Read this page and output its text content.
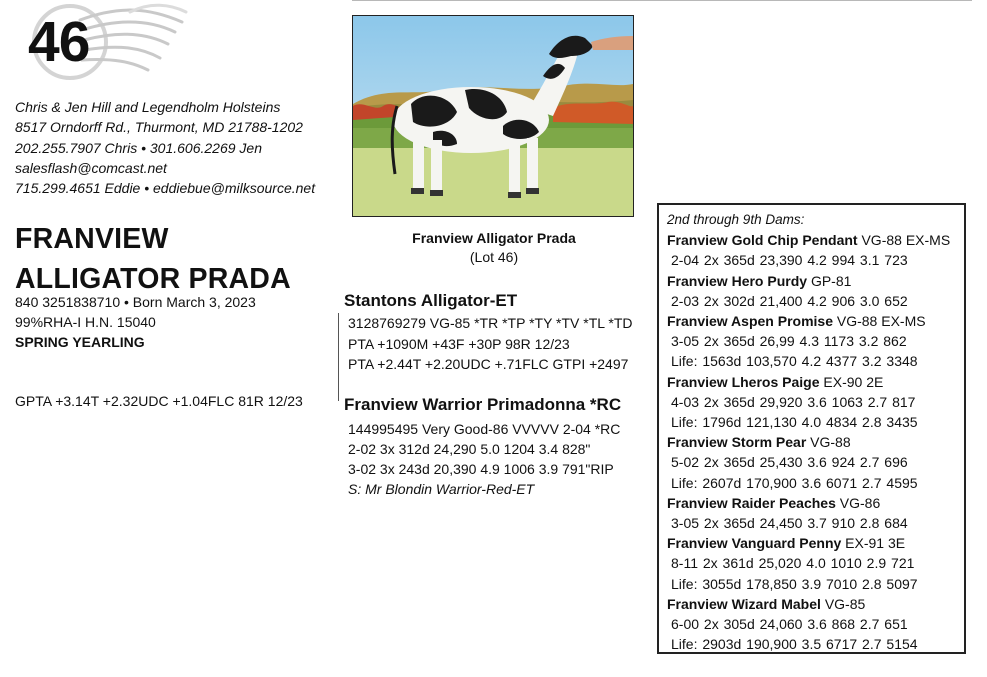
46
Chris & Jen Hill and Legendholm Holsteins
8517 Orndorff Rd., Thurmont, MD 21788-1202
202.255.7907 Chris • 301.606.2269 Jen
salesflash@comcast.net
715.299.4651 Eddie • eddiebue@milksource.net
FRANVIEW
ALLIGATOR PRADA
840 3251838710 • Born March 3, 2023
99%RHA-I H.N. 15040
SPRING YEARLING
GPTA +3.14T +2.32UDC +1.04FLC 81R 12/23
Franview Alligator Prada
(Lot 46)
Stantons Alligator-ET
3128769279 VG-85 *TR *TP *TY *TV *TL *TD
PTA +1090M +43F +30P 98R 12/23
PTA +2.44T +2.20UDC +.71FLC GTPI +2497
Franview Warrior Primadonna *RC
144995495 Very Good-86 VVVVV 2-04 *RC
2-02 3x 312d 24,290 5.0 1204 3.4 828"
3-02 3x 243d 20,390 4.9 1006 3.9 791"RIP
S: Mr Blondin Warrior-Red-ET
2nd through 9th Dams:
Franview Gold Chip Pendant VG-88 EX-MS
2-04 2x 365d 23,390 4.2 994 3.1 723
Franview Hero Purdy GP-81
2-03 2x 302d 21,400 4.2 906 3.0 652
Franview Aspen Promise VG-88 EX-MS
3-05 2x 365d 26,99 4.3 1173 3.2 862
Life: 1563d 103,570 4.2 4377 3.2 3348
Franview Lheros Paige EX-90 2E
4-03 2x 365d 29,920 3.6 1063 2.7 817
Life: 1796d 121,130 4.0 4834 2.8 3435
Franview Storm Pear VG-88
5-02 2x 365d 25,430 3.6 924 2.7 696
Life: 2607d 170,900 3.6 6071 2.7 4595
Franview Raider Peaches VG-86
3-05 2x 365d 24,450 3.7 910 2.8 684
Franview Vanguard Penny EX-91 3E
8-11 2x 361d 25,020 4.0 1010 2.9 721
Life: 3055d 178,850 3.9 7010 2.8 5097
Franview Wizard Mabel VG-85
6-00 2x 305d 24,060 3.6 868 2.7 651
Life: 2903d 190,900 3.5 6717 2.7 5154
